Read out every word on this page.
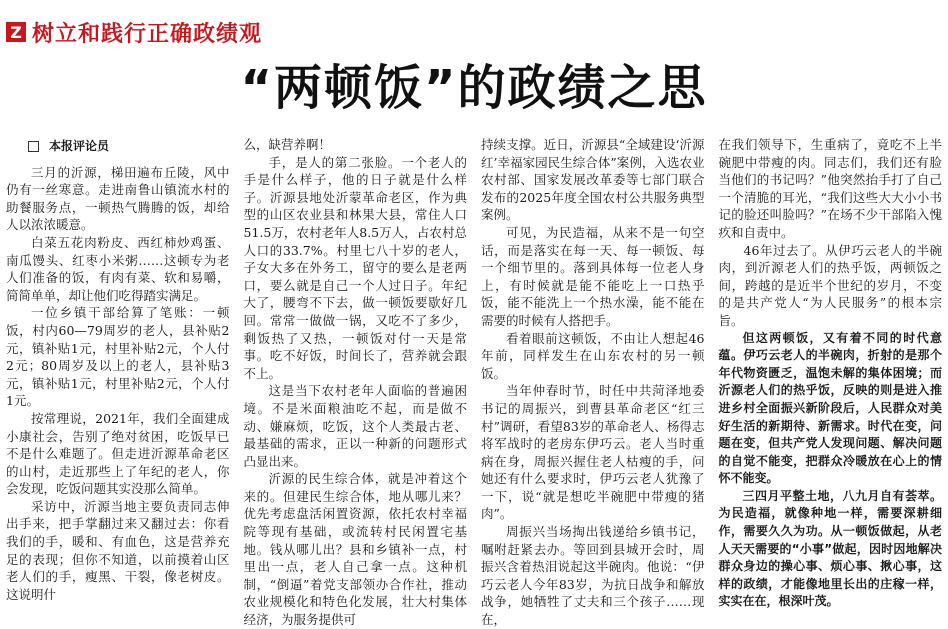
Z 树立和践行正确政绩观
“两顿饭”的政绩之思
本报评论员

三月的沂源，梯田遍布丘陵，风中仍有一丝寒意。走进南鲁山镇流水村的助餐服务点，一顿热气腾腾的饭，却给人以浓浓暖意。

白菜五花肉粉皮、西红柿炒鸡蛋、南瓜馒头、红枣小米粥……这顿专为老人们准备的饭，有肉有菜、软和易嚼，简简单单，却让他们吃得踏实满足。

一位乡镇干部给算了笔账：一顿饭，村内60—79周岁的老人，县补贴2元，镇补贴1元，村里补贴2元，个人付2元；80周岁及以上的老人，县补贴3元，镇补贴1元，村里补贴2元，个人付1元。

按常理说，2021年，我们全面建成小康社会，告别了绝对贫困，吃饭早已不是什么难题了。但走进沂源革命老区的山村，走近那些上了年纪的老人，你会发现，吃饭问题其实没那么简单。

采访中，沂源当地主要负责同志伸出手来，把手掌翻过来又翻过去：你看我们的手，暖和、有血色，这是营养充足的表现；但你不知道，以前摸着山区老人们的手，瘦黑、干裂，像老树皮。这说明什

么，缺营养啊！

手，是人的第二张脸。一个老人的手是什么样子，他的日子就是什么样子。沂源县地处沂蒙革命老区，作为典型的山区农业县和林果大县，常住人口51.5万，农村老年人8.5万人，占农村总人口的33.7%。村里七八十岁的老人，子女大多在外务工，留守的要么是老两口，要么就是自己一个人过日子。年纪大了，腰弯不下去，做一顿饭要歇好几回。常常一做做一锅，又吃不了多少，剩饭热了又热，一顿饭对付一天是常事。吃不好饭，时间长了，营养就会跟不上。

这是当下农村老年人面临的普遍困境。不是米面粮油吃不起，而是做不动、嫌麻烦，吃饭，这个人类最古老、最基础的需求，正以一种新的问题形式凸显出来。

沂源的民生综合体，就是冲着这个来的。但建民生综合体，地从哪儿来？优先考虑盘活闲置资源，依托农村幸福院等现有基础，或流转村民闲置宅基地。钱从哪儿出？县和乡镇补一点，村里出一点，老人自己拿一点。这种机制，“倒逼”着党支部领办合作社，推动农业规模化和特色化发展，壮大村集体经济，为服务提供可

持续支撑。近日，沂源县“全域建设‘沂源红’幸福家园民生综合体”案例，入选农业农村部、国家发展改革委等七部门联合发布的2025年度全国农村公共服务典型案例。

可见，为民造福，从来不是一句空话，而是落实在每一天、每一顿饭、每一个细节里的。落到具体每一位老人身上，有时候就是能不能吃上一口热乎饭，能不能洗上一个热水澡，能不能在需要的时候有人搭把手。

看着眼前这顿饭，不由让人想起46年前，同样发生在山东农村的另一顿饭。

当年仲春时节，时任中共菏泽地委书记的周振兴，到曹县革命老区“红三村”调研，看望83岁的革命老人、杨得志将军战时的老房东伊巧云。老人当时重病在身，周振兴握住老人枯瘦的手，问她还有什么要求时，伊巧云老人犹豫了一下，说“就是想吃半碗肥中带瘦的猪肉”。

周振兴当场掏出钱递给乡镇书记，嘱咐赶紧去办。等回到县城开会时，周振兴含着热泪说起这半碗肉。他说：“伊巧云老人今年83岁，为抗日战争和解放战争，她牺牲了丈夫和三个孩子……现在，

在我们领导下，生重病了，竟吃不上半碗肥中带瘦的肉。同志们，我们还有脸当他们的书记吗？”他突然抬手打了自己一个清脆的耳光，“我们这些大大小小书记的脸还叫脸吗？”在场不少干部陷入愧疚和自责中。

46年过去了。从伊巧云老人的半碗肉，到沂源老人们的热乎饭，两顿饭之间，跨越的是近半个世纪的岁月，不变的是共产党人“为人民服务”的根本宗旨。

但这两顿饭，又有着不同的时代意蕴。伊巧云老人的半碗肉，折射的是那个年代物资匮乏，温饱未解的集体困境；而沂源老人们的热乎饭，反映的则是进入推进乡村全面振兴新阶段后，人民群众对美好生活的新期待、新需求。时代在变，问题在变，但共产党人发现问题、解决问题的自觉不能变，把群众冷暖放在心上的情怀不能变。

三四月平整土地，八九月自有荟萃。为民造福，就像种地一样，需要深耕细作，需要久久为功。从一顿饭做起，从老人天天需要的“小事”做起，因时因地解决群众身边的操心事、烦心事、揪心事，这样的政绩，才能像地里长出的庄稼一样，实实在在，根深叶茂。
